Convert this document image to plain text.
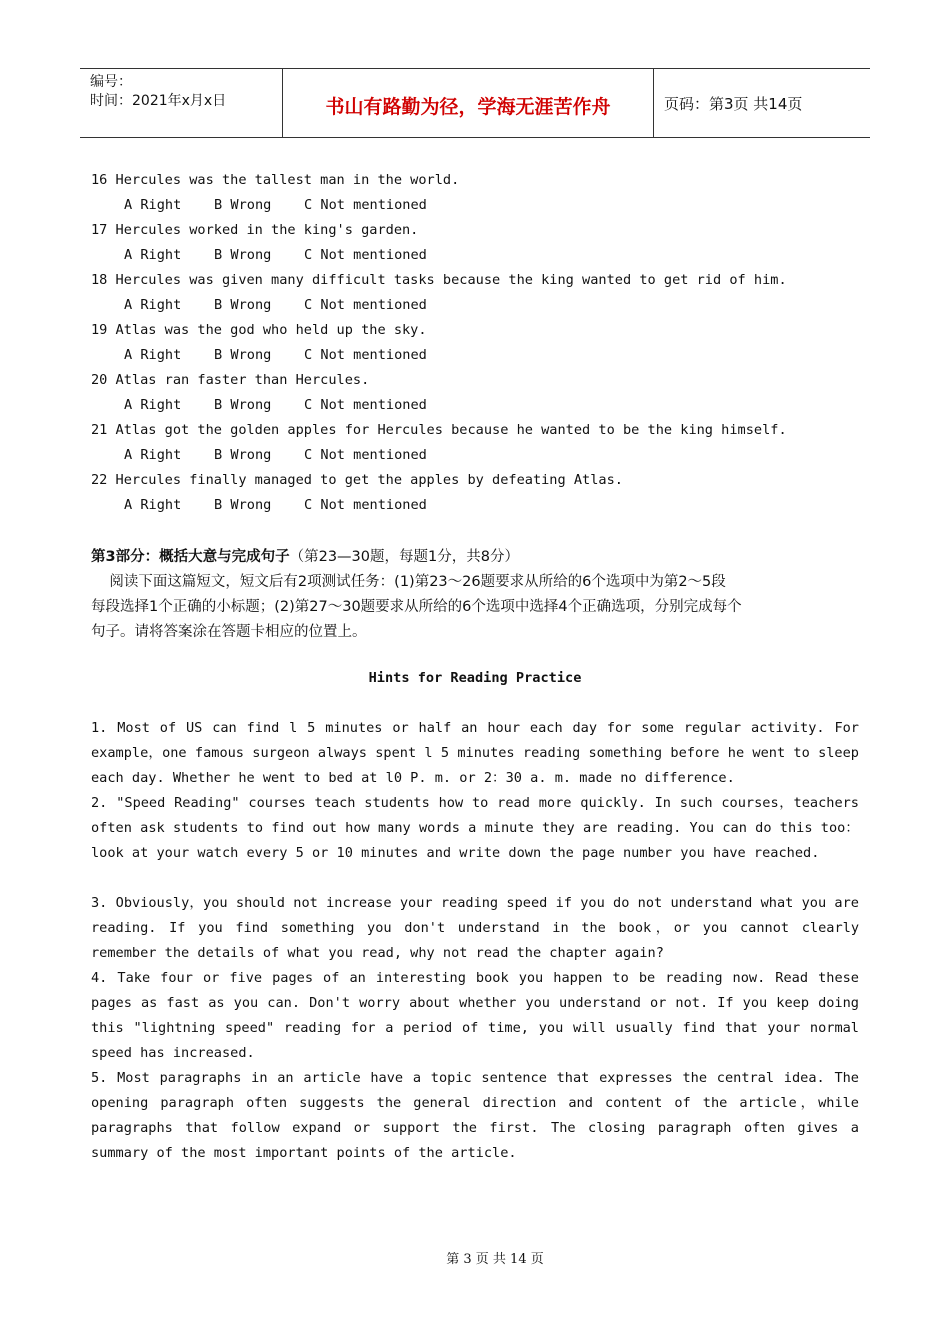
编号：
时间：2021年x月x日	书山有路勤为径，学海无涯苦作舟	页码：第3页 共14页
16 Hercules was the tallest man in the world.
A Right    B Wrong    C Not mentioned
17 Hercules worked in the king's garden.
A Right    B Wrong    C Not mentioned
18 Hercules was given many difficult tasks because the king wanted to get rid of him.
A Right    B Wrong    C Not mentioned
19 Atlas was the god who held up the sky.
A Right    B Wrong    C Not mentioned
20 Atlas ran faster than Hercules.
A Right    B Wrong    C Not mentioned
21 Atlas got the golden apples for Hercules because he wanted to be the king himself.
A Right    B Wrong    C Not mentioned
22 Hercules finally managed to get the apples by defeating Atlas.
A Right    B Wrong    C Not mentioned
第3部分：概括大意与完成句子（第23—30题，每题1分，共8分）
阅读下面这篇短文，短文后有2项测试任务：(1)第23～26题要求从所给的6个选项中为第2～5段
每段选择1个正确的小标题；(2)第27～30题要求从所给的6个选项中选择4个正确选项，分别完成每个
句子。请将答案涂在答题卡相应的位置上。
Hints for Reading Practice
1. Most of US can find l 5 minutes or half an hour each day for some regular activity. For example，one famous surgeon always spent l 5 minutes reading something before he went to sleep each day. Whether he went to bed at l0 P. m. or 2：30 a. m. made no difference.
2. "Speed Reading" courses teach students how to read more quickly. In such courses，teachers often ask students to find out how many words a minute they are reading. You can do this too：look at your watch every 5 or 10 minutes and write down the page number you have reached.
3. Obviously，you should not increase your reading speed if you do not understand what you are reading. If you find something you don't understand in the book，or you cannot clearly remember the details of what you read, why not read the chapter again?
4. Take four or five pages of an interesting book you happen to be reading now. Read these pages as fast as you can. Don't worry about whether you understand or not. If you keep doing this "lightning speed" reading for a period of time, you will usually find that your normal speed has increased.
5. Most paragraphs in an article have a topic sentence that expresses the central idea. The opening paragraph often suggests the general direction and content of the article，while paragraphs that follow expand or support the first. The closing paragraph often gives a summary of the most important points of the article.
第 3 页 共 14 页
